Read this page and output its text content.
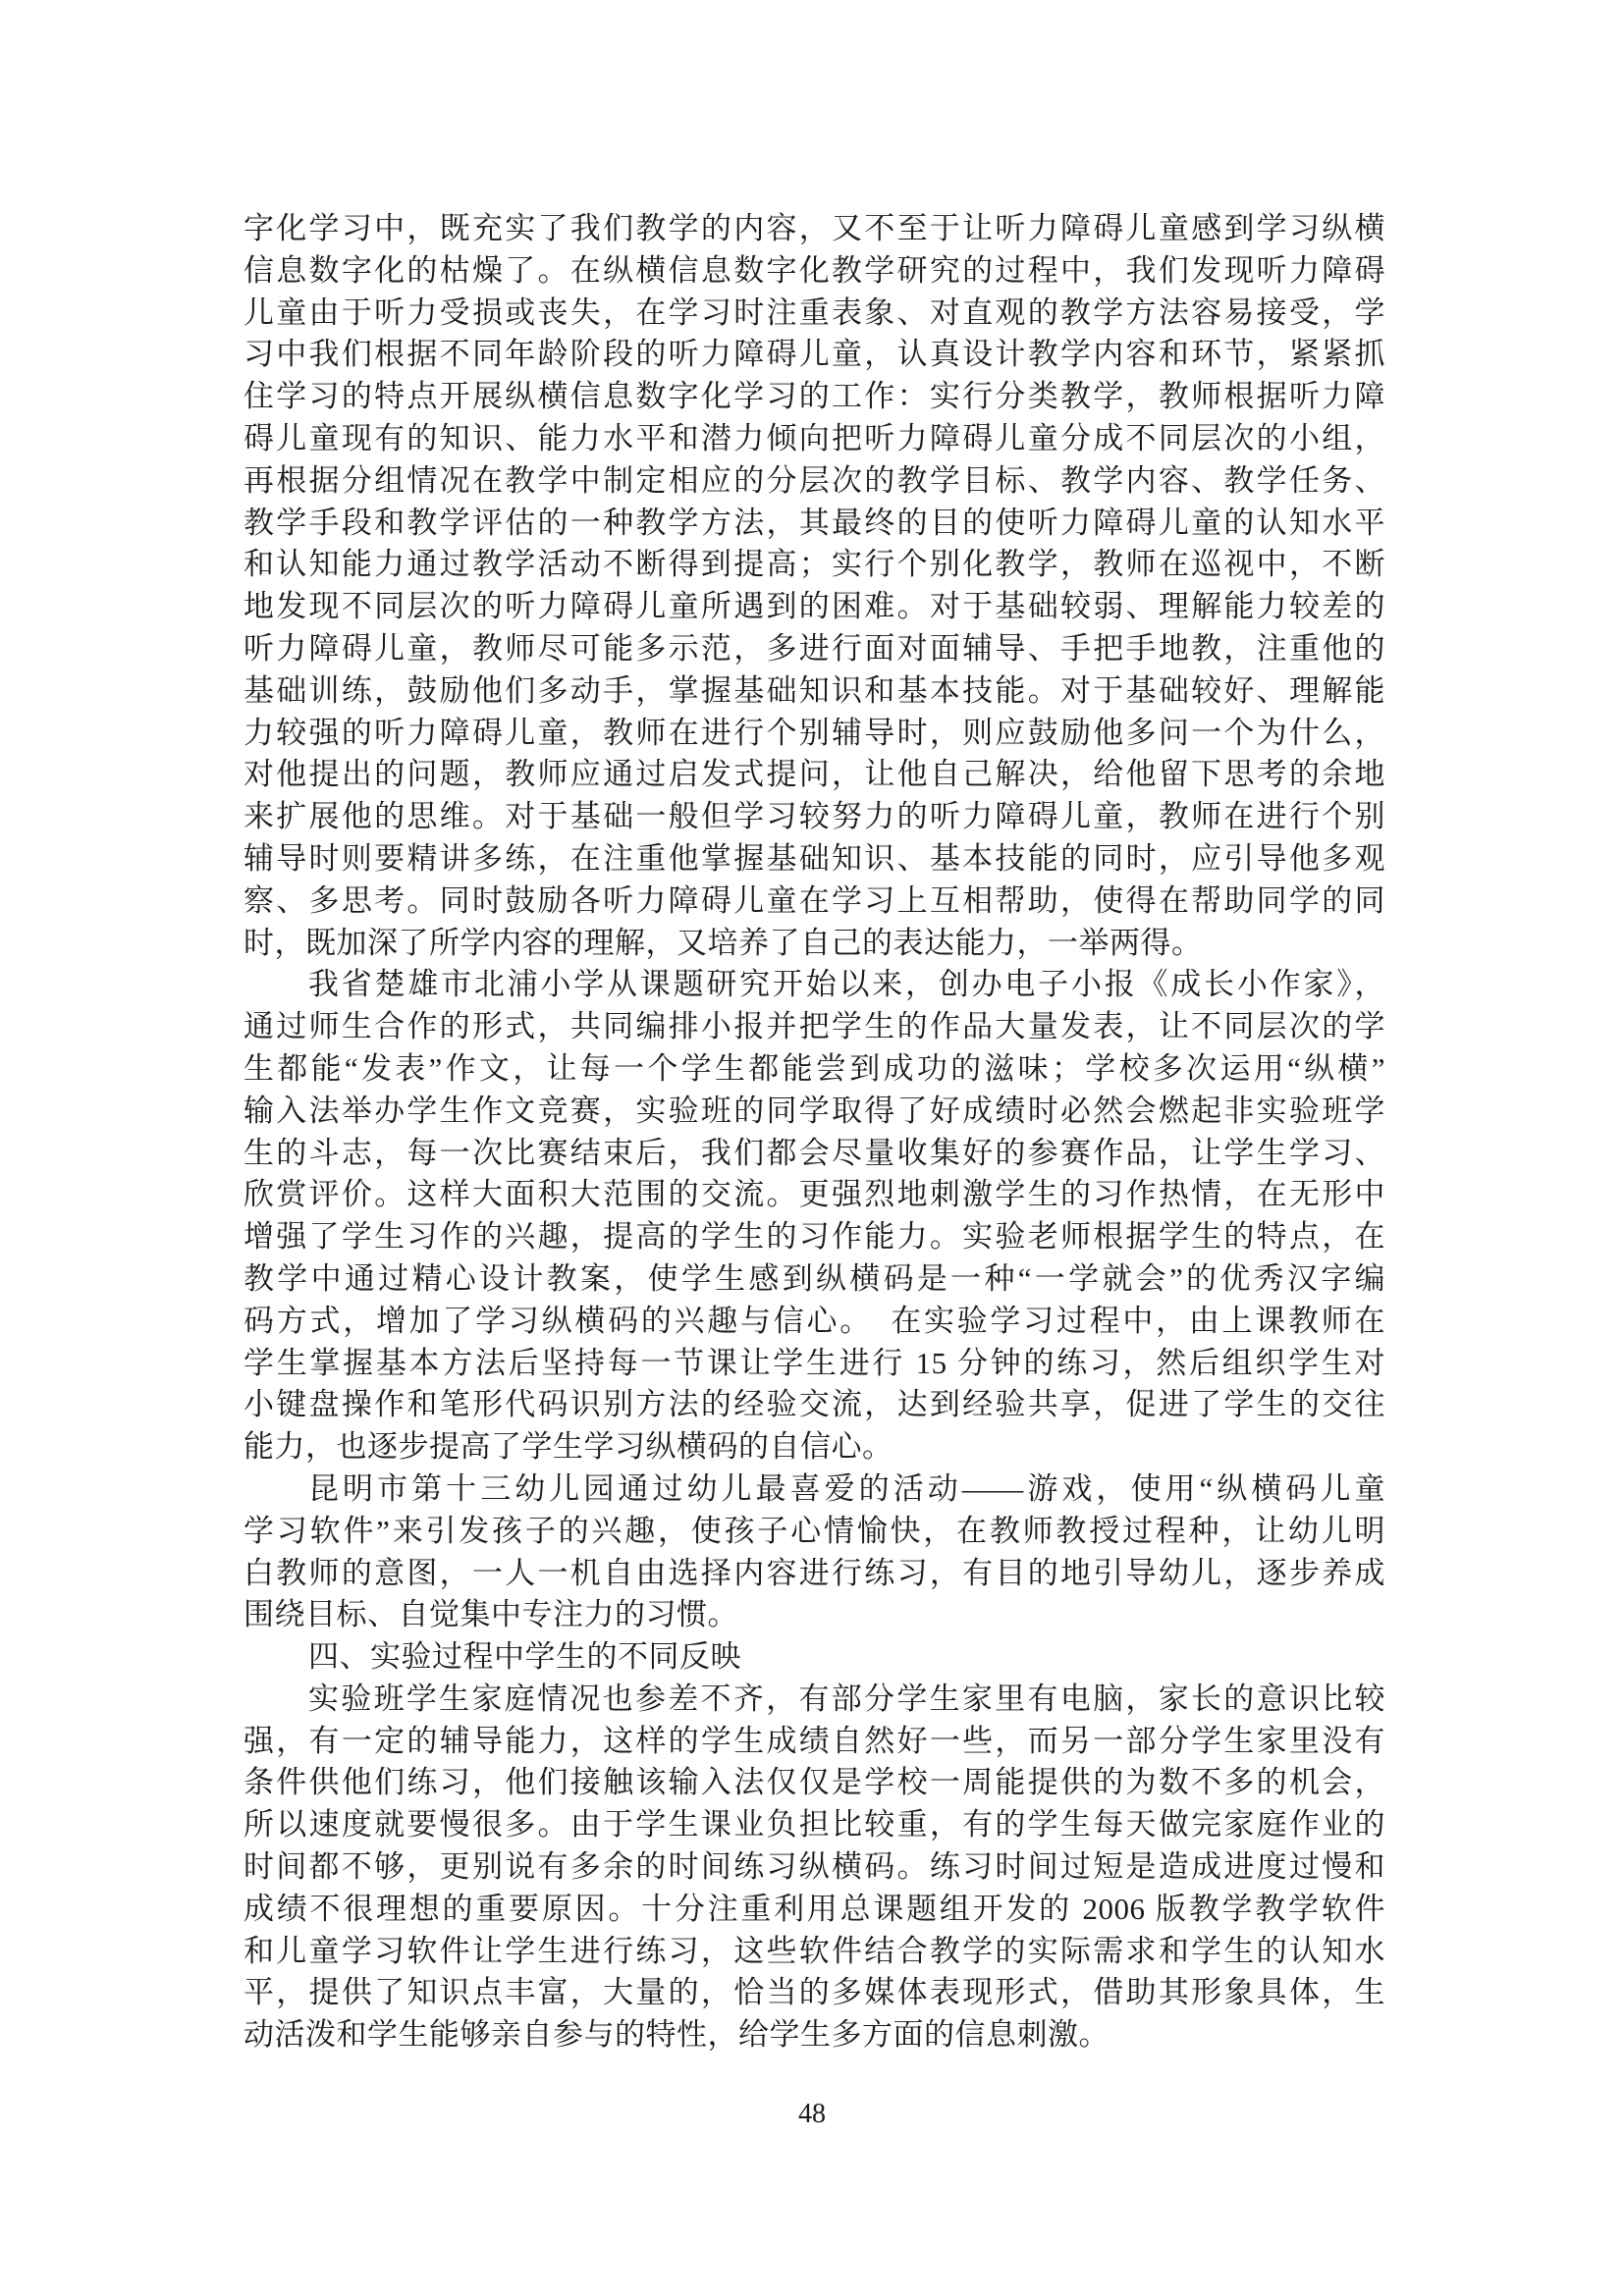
字化学习中，既充实了我们教学的内容，又不至于让听力障碍儿童感到学习纵横
信息数字化的枯燥了。在纵横信息数字化教学研究的过程中，我们发现听力障碍
儿童由于听力受损或丧失，在学习时注重表象、对直观的教学方法容易接受，学
习中我们根据不同年龄阶段的听力障碍儿童，认真设计教学内容和环节，紧紧抓
住学习的特点开展纵横信息数字化学习的工作：实行分类教学，教师根据听力障
碍儿童现有的知识、能力水平和潜力倾向把听力障碍儿童分成不同层次的小组，
再根据分组情况在教学中制定相应的分层次的教学目标、教学内容、教学任务、
教学手段和教学评估的一种教学方法，其最终的目的使听力障碍儿童的认知水平
和认知能力通过教学活动不断得到提高；实行个别化教学，教师在巡视中，不断
地发现不同层次的听力障碍儿童所遇到的困难。对于基础较弱、理解能力较差的
听力障碍儿童，教师尽可能多示范，多进行面对面辅导、手把手地教，注重他的
基础训练，鼓励他们多动手，掌握基础知识和基本技能。对于基础较好、理解能
力较强的听力障碍儿童，教师在进行个别辅导时，则应鼓励他多问一个为什么，
对他提出的问题，教师应通过启发式提问，让他自己解决，给他留下思考的余地
来扩展他的思维。对于基础一般但学习较努力的听力障碍儿童，教师在进行个别
辅导时则要精讲多练，在注重他掌握基础知识、基本技能的同时，应引导他多观
察、多思考。同时鼓励各听力障碍儿童在学习上互相帮助，使得在帮助同学的同
时，既加深了所学内容的理解，又培养了自己的表达能力，一举两得。
我省楚雄市北浦小学从课题研究开始以来，创办电子小报《成长小作家》，
通过师生合作的形式，共同编排小报并把学生的作品大量发表，让不同层次的学
生都能“发表”作文，让每一个学生都能尝到成功的滋味；学校多次运用“纵横”
输入法举办学生作文竞赛，实验班的同学取得了好成绩时必然会燃起非实验班学
生的斗志，每一次比赛结束后，我们都会尽量收集好的参赛作品，让学生学习、
欣赏评价。这样大面积大范围的交流。更强烈地刺激学生的习作热情，在无形中
增强了学生习作的兴趣，提高的学生的习作能力。实验老师根据学生的特点，在
教学中通过精心设计教案，使学生感到纵横码是一种“一学就会”的优秀汉字编
码方式，增加了学习纵横码的兴趣与信心。　在实验学习过程中，由上课教师在
学生掌握基本方法后坚持每一节课让学生进行 15 分钟的练习，然后组织学生对
小键盘操作和笔形代码识别方法的经验交流，达到经验共享，促进了学生的交往
能力，也逐步提高了学生学习纵横码的自信心。
昆明市第十三幼儿园通过幼儿最喜爱的活动——游戏，使用“纵横码儿童
学习软件”来引发孩子的兴趣，使孩子心情愉快，在教师教授过程种，让幼儿明
白教师的意图，一人一机自由选择内容进行练习，有目的地引导幼儿，逐步养成
围绕目标、自觉集中专注力的习惯。
四、实验过程中学生的不同反映
实验班学生家庭情况也参差不齐，有部分学生家里有电脑，家长的意识比较
强，有一定的辅导能力，这样的学生成绩自然好一些，而另一部分学生家里没有
条件供他们练习，他们接触该输入法仅仅是学校一周能提供的为数不多的机会，
所以速度就要慢很多。由于学生课业负担比较重，有的学生每天做完家庭作业的
时间都不够，更别说有多余的时间练习纵横码。练习时间过短是造成进度过慢和
成绩不很理想的重要原因。十分注重利用总课题组开发的 2006 版教学教学软件
和儿童学习软件让学生进行练习，这些软件结合教学的实际需求和学生的认知水
平，提供了知识点丰富，大量的，恰当的多媒体表现形式，借助其形象具体，生
动活泼和学生能够亲自参与的特性，给学生多方面的信息刺激。
48
